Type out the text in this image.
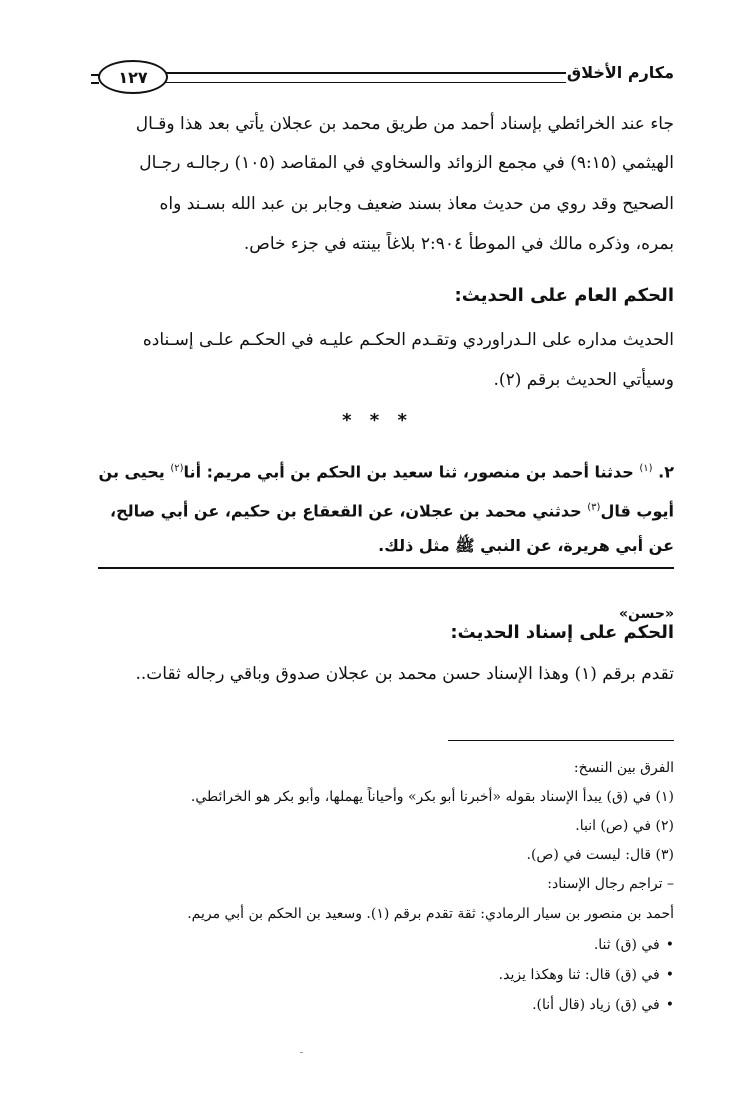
مكارم الأخلاق
١٢٧
جاء عند الخرائطي بإسناد أحمد من طريق محمد بن عجلان يأتي بعد هذا وقـال
الهيثمي (٩:١٥) في مجمع الزوائد والسخاوي في المقاصد (١٠٥) رجالـه رجـال
الصحيح وقد روي من حديث معاذ بسند ضعيف وجابر بن عبد الله بسـند واه
بمره، وذكره مالك في الموطأ ٢:٩٠٤ بلاغاً بينته في جزء خاص.
الحكم العام على الحديث:
الحديث مداره على الـدراوردي وتقـدم الحكـم عليـه في الحكـم علـى إسـناده
وسيأتي الحديث برقم (٢).
* * *
٢. $^{(١)}$ حدثنا أحمد بن منصور، ثنا سعيد بن الحكم بن أبي مريم: أنا$^{(٢)}$ يحيى بن
أيوب قال$^{(٣)}$ حدثني محمد بن عجلان، عن القعقاع بن حكيم، عن أبي صالح،
عن أبي هريرة، عن النبي ﷺ مثل ذلك.
«حسن»
الحكم على إسناد الحديث:
تقدم برقم (١) وهذا الإسناد حسن محمد بن عجلان صدوق وباقي رجاله ثقات..
الفرق بين النسخ:
(١) في (ق) يبدأ الإسناد بقوله «أخبرنا أبو بكر» وأحياناً يهملها، وأبو بكر هو الخرائطي.
(٢) في (ص) انبا.
(٣) قال: ليست في (ص).
– تراجم رجال الإسناد:
أحمد بن منصور بن سيار الرمادي: ثقة تقدم برقم (١). وسعيد بن الحكم بن أبي مريم.
• في (ق) ثنا.
• في (ق) قال: ثنا وهكذا يزيد.
• في (ق) زياد (قال أنا).
